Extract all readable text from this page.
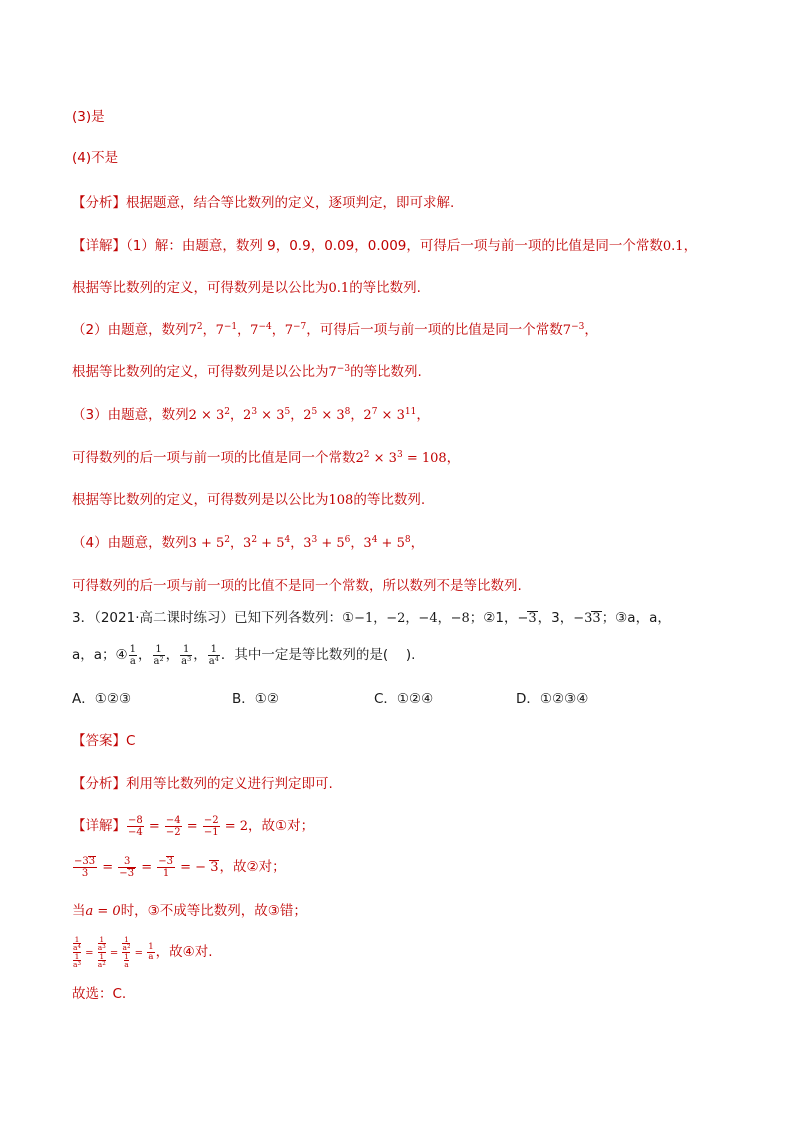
(3)是
(4)不是
【分析】根据题意，结合等比数列的定义，逐项判定，即可求解.
【详解】（1）解：由题意，数列 9，0.9，0.09，0.009，可得后一项与前一项的比值是同一个常数0.1，
根据等比数列的定义，可得数列是以公比为0.1的等比数列.
（2）由题意，数列$7^2$，$7^{-1}$，$7^{-4}$，$7^{-7}$，可得后一项与前一项的比值是同一个常数$7^{-3}$，
根据等比数列的定义，可得数列是以公比为$7^{-3}$的等比数列.
（3）由题意，数列$2 \times 3^2$，$2^3 \times 3^5$，$2^5 \times 3^8$，$2^7 \times 3^{11}$，
可得数列的后一项与前一项的比值是同一个常数$2^2 \times 3^3 = 108$，
根据等比数列的定义，可得数列是以公比为108的等比数列.
（4）由题意，数列$3 + 5^2$，$3^2 + 5^4$，$3^3 + 5^6$，$3^4 + 5^8$，
可得数列的后一项与前一项的比值不是同一个常数，所以数列不是等比数列.
3．（2021·高二课时练习）已知下列各数列：①−1，−2，−4，−8；②1，−3，3，−33；③a，a，
a，a；④ $\frac{1}{a}$ ， $\frac{1}{a^2}$ ， $\frac{1}{a^3}$ ， $\frac{1}{a^4}$ ．其中一定是等比数列的是(　 ).
A．①②③	B．①②	C．①②④	D．①②③④
【答案】C
【分析】利用等比数列的定义进行判定即可.
【详解】 $\frac{-8}{-4} = \frac{-4}{-2} = \frac{-2}{-1} = 2$，故①对；
$\frac{-33}{3} = \frac{3}{-3} = \frac{-3}{1}$ = − 3，故②对；
当a = 0时，③不成等比数列，故③错；
$\frac{\frac{1}{a^4}}{\frac{1}{a^3}} = \frac{\frac{1}{a^3}}{\frac{1}{a^2}} = \frac{\frac{1}{a^2}}{\frac{1}{a}} = \frac{1}{a}$ ，故④对.
故选：C.
